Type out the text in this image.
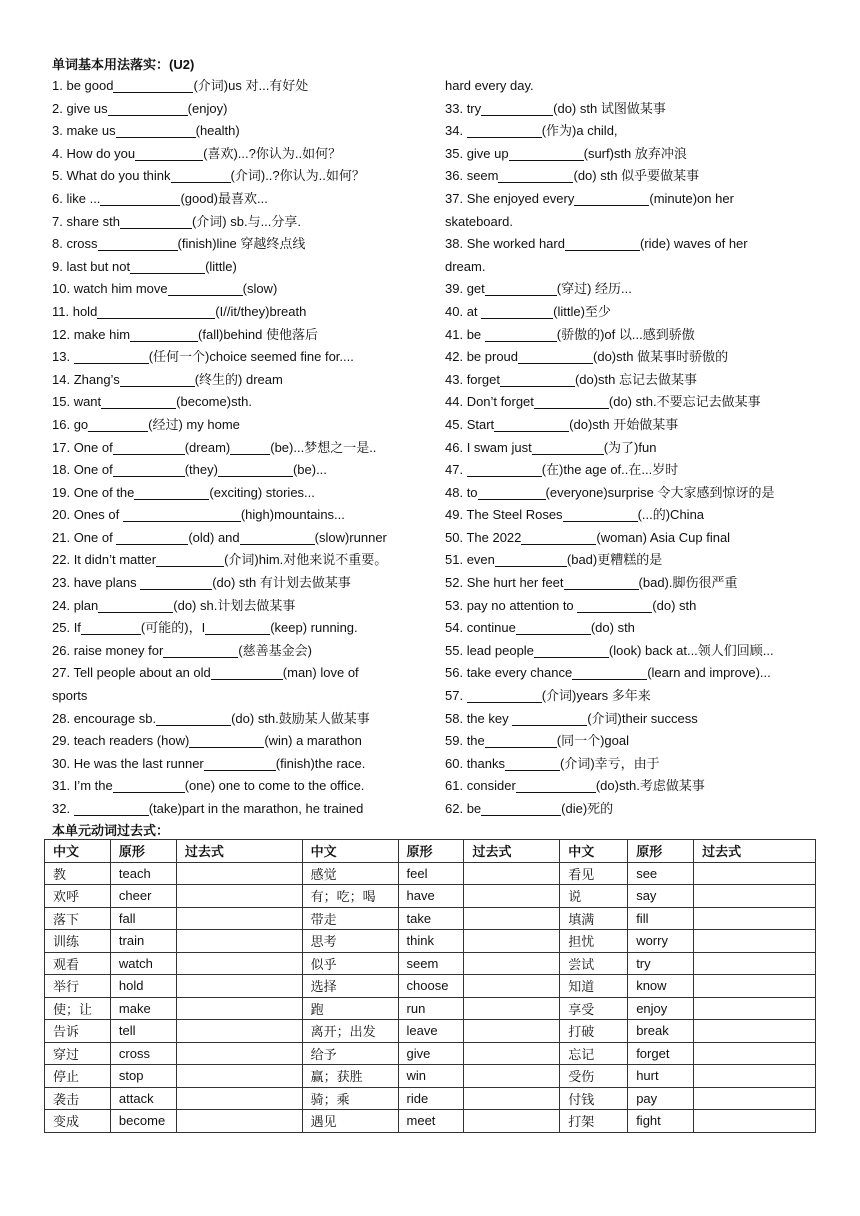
单词基本用法落实：(U2)
1. be good	(介词)us 对...有好处
2. give us	(enjoy)
3. make us	(health)
4. How do you	(喜欢)...?你认为..如何？
5. What do you think	(介词)..?你认为..如何？
6. like ...	(good)最喜欢...
7. share sth	(介词) sb.与...分享.
8. cross	(finish)line 穿越终点线
9. last but not	(little)
10. watch him move	(slow)
11. hold	(I//it/they)breath
12. make him	(fall)behind 使他落后
13.	(任何一个)choice seemed fine for....
14. Zhang’s	(终生的) dream
15. want	(become)sth.
16. go	(经过) my home
17. One of	(dream)	(be)...梦想之一是..
18. One of	(they)	(be)...
19. One of the	(exciting) stories...
20. Ones of	(high)mountains...
21. One of	(old) and	(slow)runner
22. It didn’t matter	(介词)him.对他来说不重要。
23. have plans	(do) sth 有计划去做某事
24. plan	(do) sh.计划去做某事
25. If	(可能的)，I	(keep) running.
26. raise money for	(慈善基金会)
27. Tell people about an old	(man) love of
sports
28. encourage sb.	(do) sth.鼓励某人做某事
29. teach readers (how)	(win) a marathon
30. He was the last runner	(finish)the race.
31. I’m the	(one) one to come to the office.
32.	(take)part in the marathon, he trained
hard every day.
33. try	(do) sth 试图做某事
34.	(作为)a child,
35. give up	(surf)sth 放弃冲浪
36. seem	(do) sth 似乎要做某事
37. She enjoyed every	(minute)on her
skateboard.
38. She worked hard	(ride) waves of her
dream.
39. get	(穿过) 经历...
40. at	(little)至少
41. be	(骄傲的)of 以...感到骄傲
42. be proud	(do)sth 做某事时骄傲的
43. forget	(do)sth 忘记去做某事
44. Don’t forget	(do) sth.不要忘记去做某事
45. Start	(do)sth 开始做某事
46. I swam just	(为了)fun
47.	(在)the age of..在...岁时
48. to	(everyone)surprise 令大家感到惊讶的是
49. The Steel Roses	(...的)China
50. The 2022	(woman) Asia Cup final
51. even	(bad)更糟糕的是
52. She hurt her feet	(bad).脚伤很严重
53. pay no attention to	(do) sth
54. continue	(do) sth
55. lead people	(look) back at...领人们回顾...
56. take every chance	(learn and improve)...
57.	(介词)years 多年来
58. the key	(介词)their success
59. the	(同一个)goal
60. thanks	(介词)幸亏，由于
61. consider	(do)sth.考虑做某事
62. be	(die)死的
本单元动词过去式：
中文	原形	过去式	中文	原形	过去式	中文	原形	过去式
教	teach		感觉	feel		看见	see	
欢呼	cheer		有；吃；喝	have		说	say	
落下	fall		带走	take		填满	fill	
训练	train		思考	think		担忧	worry	
观看	watch		似乎	seem		尝试	try	
举行	hold		选择	choose		知道	know	
使；让	make		跑	run		享受	enjoy	
告诉	tell		离开；出发	leave		打破	break	
穿过	cross		给予	give		忘记	forget	
停止	stop		赢；获胜	win		受伤	hurt	
袭击	attack		骑；乘	ride		付钱	pay	
变成	become		遇见	meet		打架	fight	
